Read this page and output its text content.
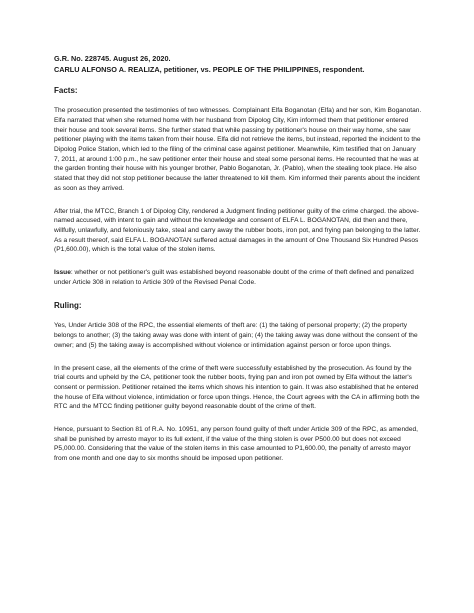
G.R. No. 228745. August 26, 2020.

CARLU ALFONSO A. REALIZA, petitioner, vs. PEOPLE OF THE PHILIPPINES, respondent.

Facts:

The prosecution presented the testimonies of two witnesses. Complainant Elfa Boganotan (Elfa) and her son, Kim Boganotan. Elfa narrated that when she returned home with her husband from Dipolog City, Kim informed them that petitioner entered their house and took several items. She further stated that while passing by petitioner's house on their way home, she saw petitioner playing with the items taken from their house. Elfa did not retrieve the items, but instead, reported the incident to the Dipolog Police Station, which led to the filing of the criminal case against petitioner. Meanwhile, Kim testified that on January 7, 2011, at around 1:00 p.m., he saw petitioner enter their house and steal some personal items. He recounted that he was at the garden fronting their house with his younger brother, Pablo Boganotan, Jr. (Pablo), when the stealing took place. He also stated that they did not stop petitioner because the latter threatened to kill them. Kim informed their parents about the incident as soon as they arrived.

After trial, the MTCC, Branch 1 of Dipolog City, rendered a Judgment finding petitioner guilty of the crime charged. the above-named accused, with intent to gain and without the knowledge and consent of ELFA L. BOGANOTAN, did then and there, willfully, unlawfully, and feloniously take, steal and carry away the rubber boots, iron pot, and frying pan belonging to the latter. As a result thereof, said ELFA L. BOGANOTAN suffered actual damages in the amount of One Thousand Six Hundred Pesos (P1,600.00), which is the total value of the stolen items.

Issue: whether or not petitioner's guilt was established beyond reasonable doubt of the crime of theft defined and penalized under Article 308 in relation to Article 309 of the Revised Penal Code.

Ruling:

Yes, Under Article 308 of the RPC, the essential elements of theft are: (1) the taking of personal property; (2) the property belongs to another; (3) the taking away was done with intent of gain; (4) the taking away was done without the consent of the owner; and (5) the taking away is accomplished without violence or intimidation against person or force upon things.

In the present case, all the elements of the crime of theft were successfully established by the prosecution. As found by the trial courts and upheld by the CA, petitioner took the rubber boots, frying pan and iron pot owned by Elfa without the latter's consent or permission. Petitioner retained the items which shows his intention to gain. It was also established that he entered the house of Elfa without violence, intimidation or force upon things. Hence, the Court agrees with the CA in affirming both the RTC and the MTCC finding petitioner guilty beyond reasonable doubt of the crime of theft.

Hence, pursuant to Section 81 of R.A. No. 10951, any person found guilty of theft under Article 309 of the RPC, as amended, shall be punished by arresto mayor to its full extent, if the value of the thing stolen is over P500.00 but does not exceed P5,000.00. Considering that the value of the stolen items in this case amounted to P1,600.00, the penalty of arresto mayor from one month and one day to six months should be imposed upon petitioner.
